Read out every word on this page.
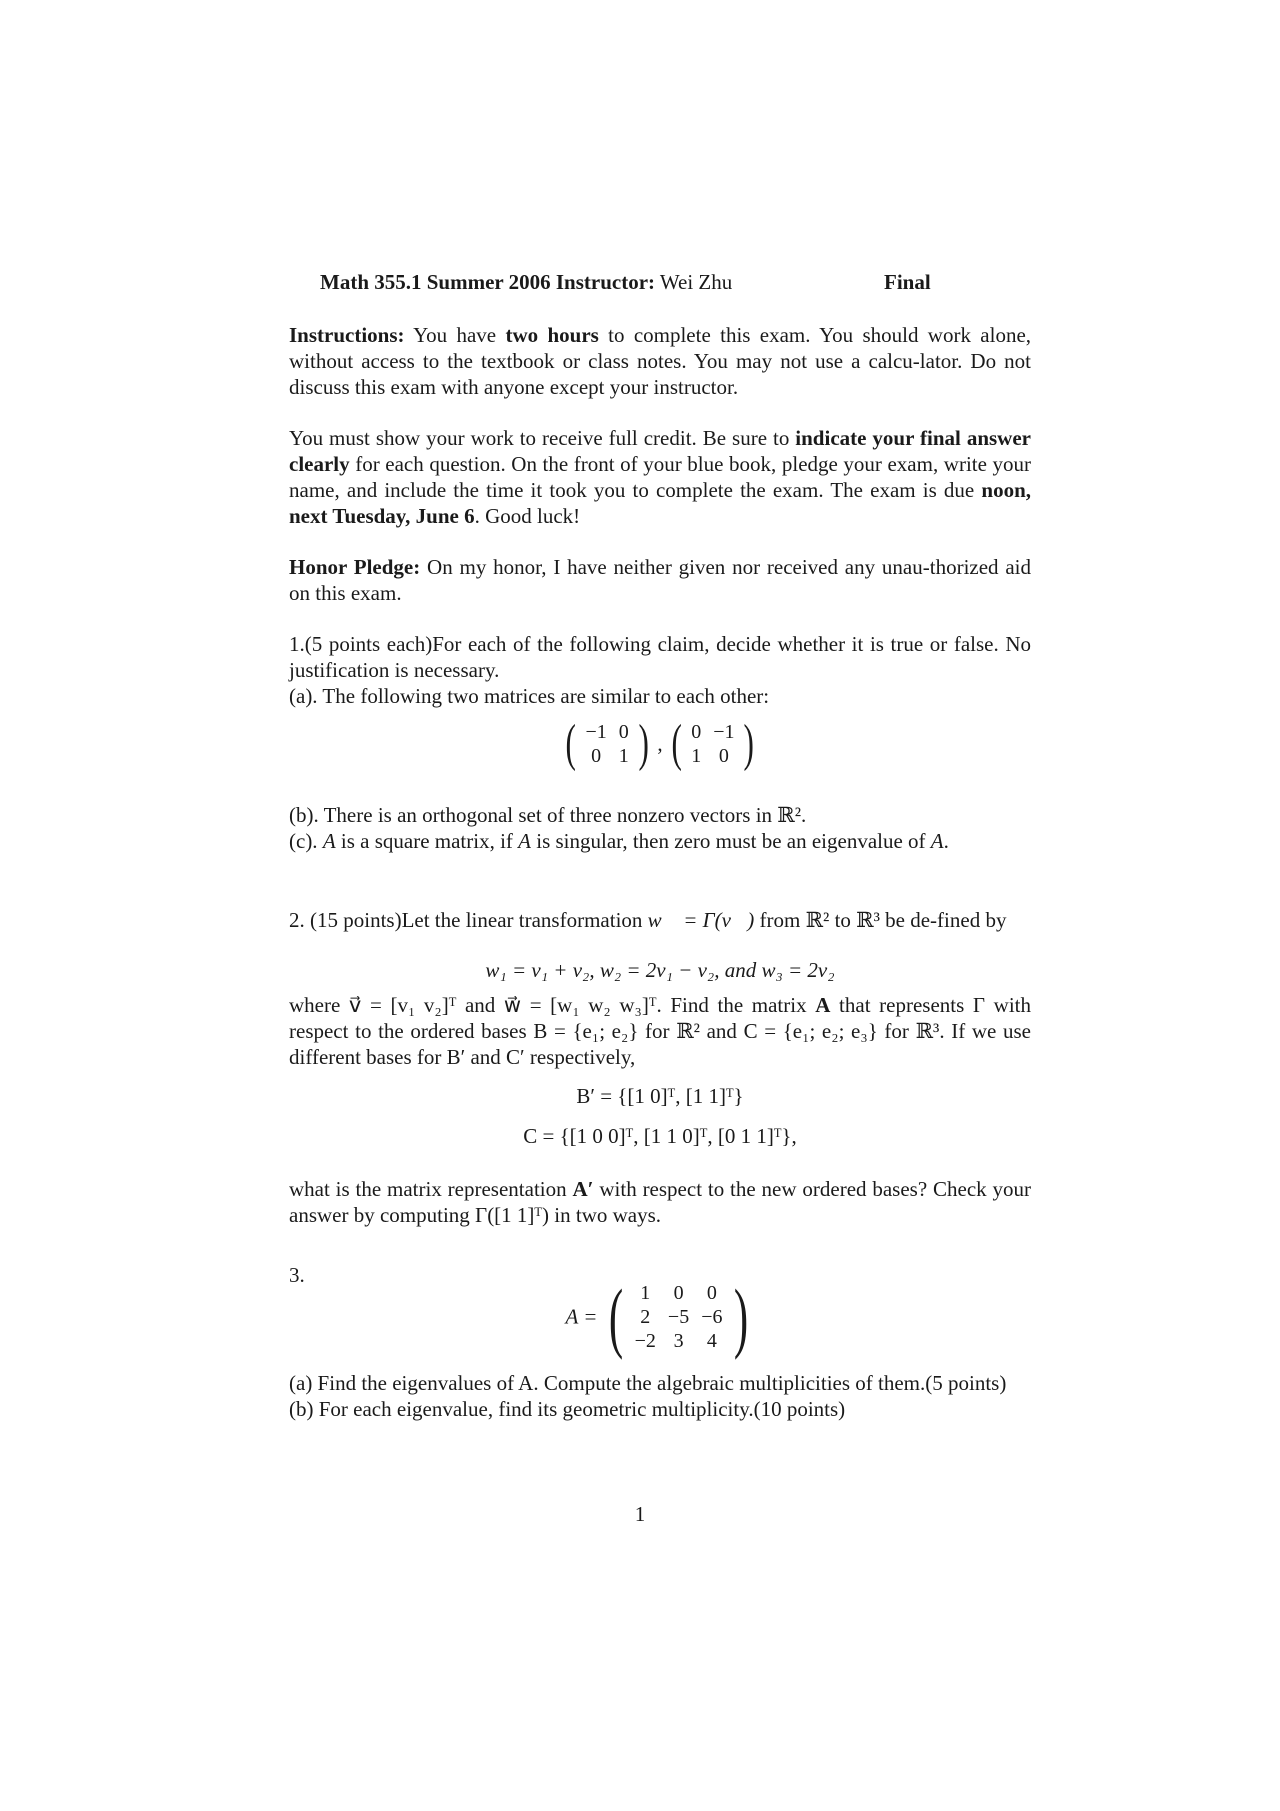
Math 355.1 Summer 2006 Instructor: Wei Zhu	Final

Instructions: You have two hours to complete this exam. You should work alone, without access to the textbook or class notes. You may not use a calcu-lator. Do not discuss this exam with anyone except your instructor.

You must show your work to receive full credit. Be sure to indicate your final answer clearly for each question. On the front of your blue book, pledge your exam, write your name, and include the time it took you to complete the exam. The exam is due noon, next Tuesday, June 6. Good luck!

Honor Pledge: On my honor, I have neither given nor received any unau-thorized aid on this exam.

1.(5 points each)For each of the following claim, decide whether it is true or false. No justification is necessary.

(a). The following two matrices are similar to each other:

( −1	0
0	1 ) , ( 0	−1
1	0 )

(b). There is an orthogonal set of three nonzero vectors in ℝ².

(c). A is a square matrix, if A is singular, then zero must be an eigenvalue of A.

2. (15 points)Let the linear transformation w⃗ = Γ(v⃗) from ℝ² to ℝ³ be de-fined by

w₁ = v₁ + v₂, w₂ = 2v₁ − v₂, and w₃ = 2v₂

where v⃗ = [v₁ v₂]ᵀ and w⃗ = [w₁ w₂ w₃]ᵀ. Find the matrix A that represents Γ with respect to the ordered bases B = {e₁; e₂} for ℝ² and C = {e₁; e₂; e₃} for ℝ³. If we use different bases for B′ and C′ respectively,

B′ = {[1 0]ᵀ, [1 1]ᵀ}
C = {[1 0 0]ᵀ, [1 1 0]ᵀ, [0 1 1]ᵀ},

what is the matrix representation A′ with respect to the new ordered bases? Check your answer by computing Γ([1 1]ᵀ) in two ways.

3.

A = ( 1	0	0
2	−5	−6
−2	3	4 )

(a) Find the eigenvalues of A. Compute the algebraic multiplicities of them.(5 points)

(b) For each eigenvalue, find its geometric multiplicity.(10 points)

1
